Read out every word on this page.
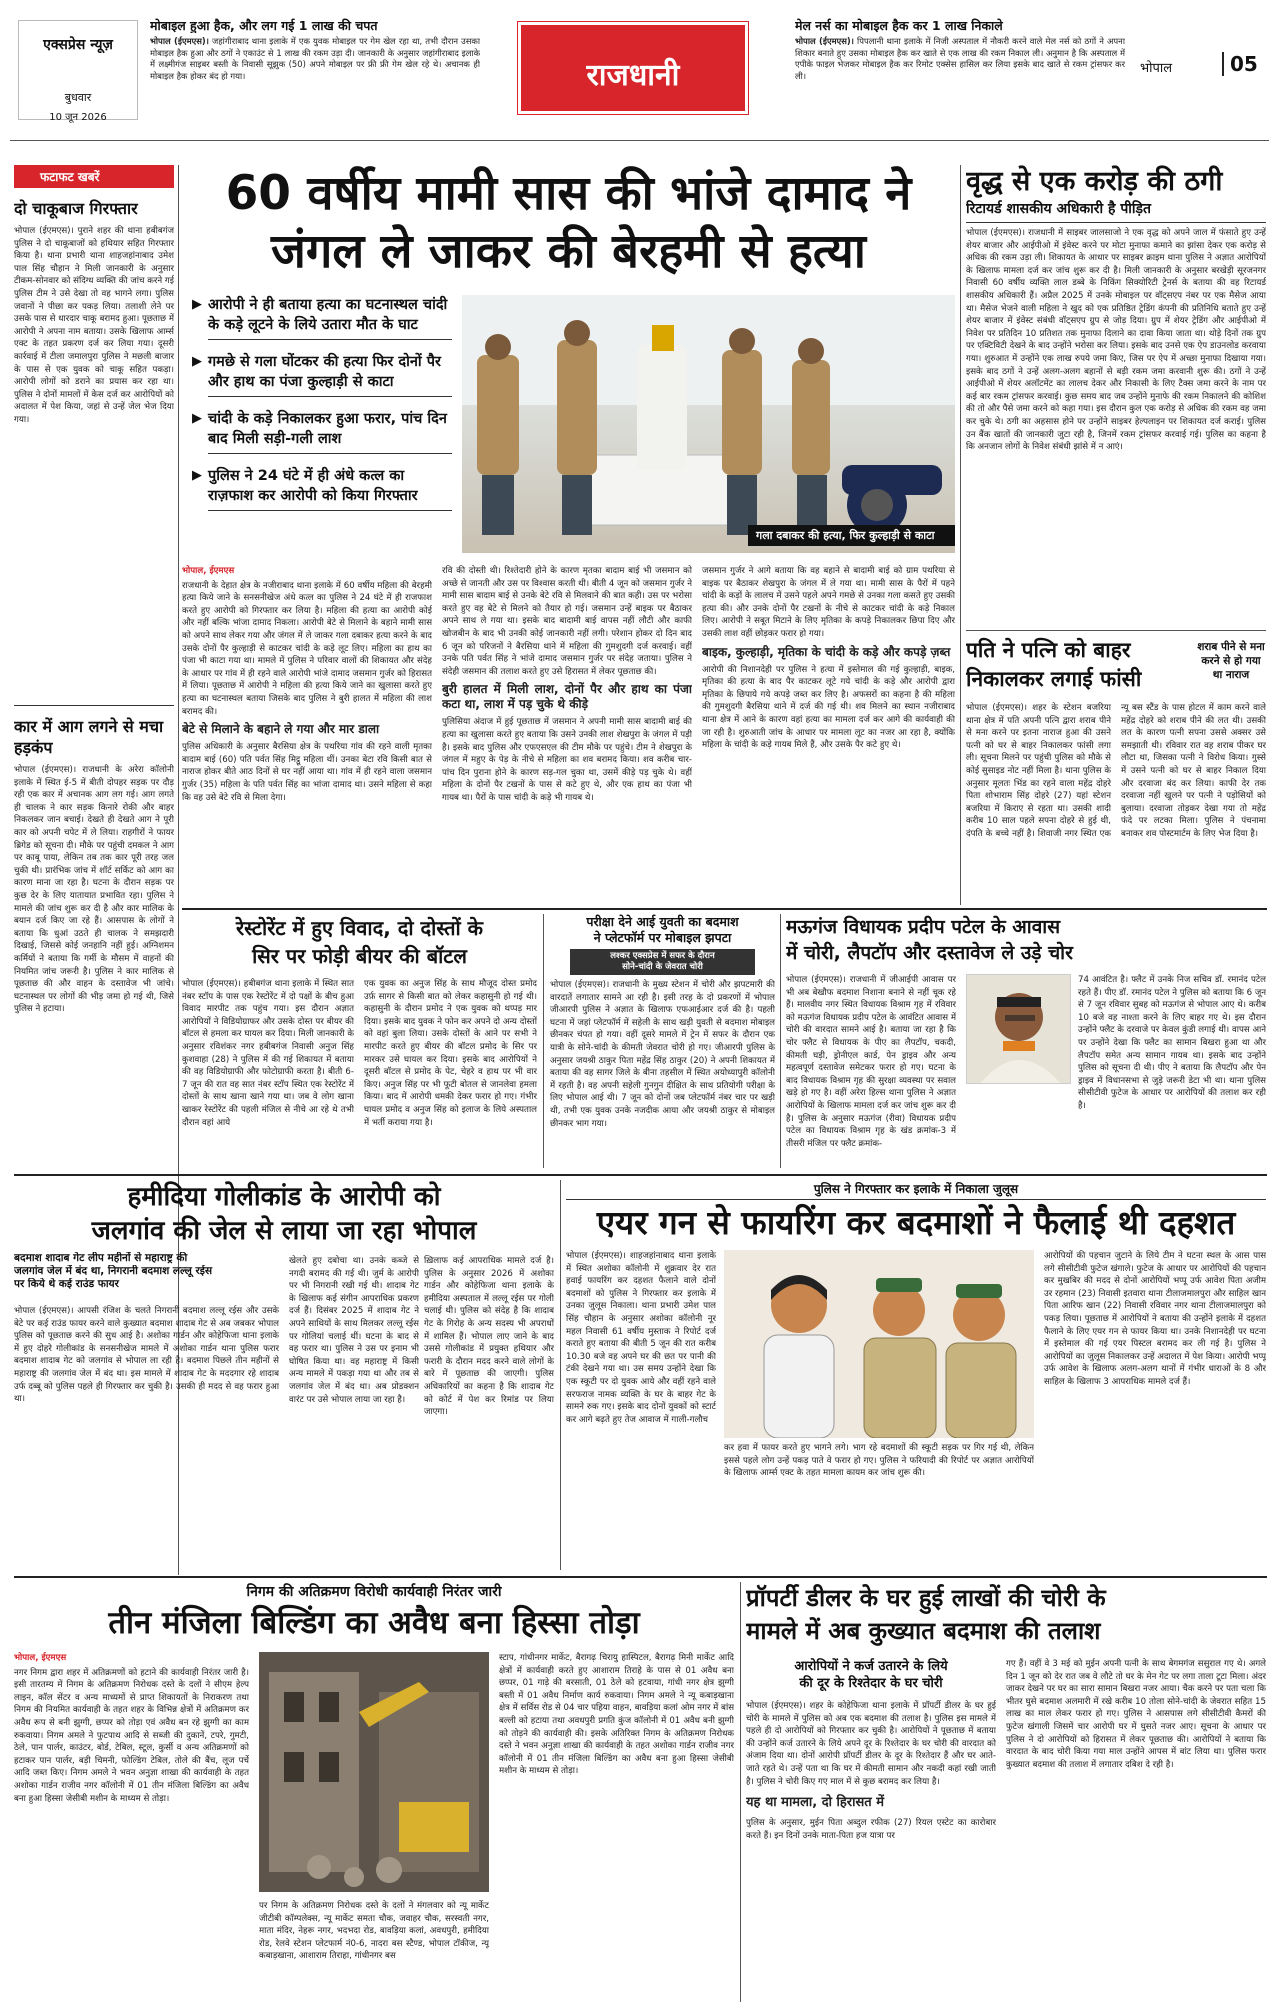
एक्सप्रेस न्यूज़
बुधवार
10 जून 2026
मोबाइल हुआ हैक, और लग गई 1 लाख की चपत
भोपाल (ईएमएस)। जहांगीराबाद थाना इलाके में एक युवक मोबाइल पर गेम खेल रहा था, तभी दौरान उसका मोबाइल हैक हुआ और ठगों ने एकाउंट से 1 लाख की रकम उड़ा दी। जानकारी के अनुसार जहांगीराबाद इलाके में लक्ष्मीगंज साइबर बस्ती के निवासी सूझुक (50) अपने मोबाइल पर फ्री फ्री गेम खेल रहे थे। अचानक ही मोबाइल हैक होकर बंद हो गया।	राजधानी
मेल नर्स का मोबाइल हैक कर 1 लाख निकाले
भोपाल (ईएमएस)। पिपलानी थाना इलाके में निजी अस्पताल में नौकरी करने वाले मेल नर्स को ठगों ने अपना शिकार बनाते हुए उसका मोबाइल हैक कर खाते से एक लाख की रकम निकाल ली। अनुमान है कि अस्पताल में एपीके फाइल भेजकर मोबाइल हैक कर रिमोट एक्सेस हासिल कर लिया इसके बाद खाते से रकम ट्रांसफर कर ली।	भोपाल	05
फटाफट खबरें
दो चाकूबाज गिरफ्तार
भोपाल (ईएमएस)। पुराने शहर की थाना हबीबगंज पुलिस ने दो चाकूबाजों को हथियार सहित गिरफ्तार किया है। थाना प्रभारी थाना शाहजहांनाबाद उमेश पाल सिंह चौहान ने मिली जानकारी के अनुसार टीकम-सोनवार को संदिग्ध व्यक्ति की जांच करने गई पुलिस टीम ने उसे देखा तो वह भागने लगा। पुलिस जवानों ने पीछा कर पकड़ लिया। तलाशी लेने पर उसके पास से धारदार चाकू बरामद हुआ। पूछताछ में आरोपी ने अपना नाम बताया। उसके खिलाफ आर्म्स एक्ट के तहत प्रकरण दर्ज कर लिया गया। दूसरी कार्रवाई में टीला जमालपुरा पुलिस ने मछली बाजार के पास से एक युवक को चाकू सहित पकड़ा। आरोपी लोगों को डराने का प्रयास कर रहा था। पुलिस ने दोनों मामलों में केस दर्ज कर आरोपियों को अदालत में पेश किया, जहां से उन्हें जेल भेज दिया गया।
कार में आग लगने से मचा हड़कंप
भोपाल (ईएमएस)। राजधानी के अरेरा कॉलोनी इलाके में स्थित ई-5 में बीती दोपहर सड़क पर दौड़ रही एक कार में अचानक आग लग गई। आग लगते ही चालक ने कार सड़क किनारे रोकी और बाहर निकलकर जान बचाई। देखते ही देखते आग ने पूरी कार को अपनी चपेट में ले लिया। राहगीरों ने फायर ब्रिगेड को सूचना दी। मौके पर पहुंची दमकल ने आग पर काबू पाया, लेकिन तब तक कार पूरी तरह जल चुकी थी। प्रारंभिक जांच में शॉर्ट सर्किट को आग का कारण माना जा रहा है। घटना के दौरान सड़क पर कुछ देर के लिए यातायात प्रभावित रहा। पुलिस ने मामले की जांच शुरू कर दी है और कार मालिक के बयान दर्ज किए जा रहे हैं। आसपास के लोगों ने बताया कि धुआं उठते ही चालक ने समझदारी दिखाई, जिससे कोई जनहानि नहीं हुई। अग्निशमन कर्मियों ने बताया कि गर्मी के मौसम में वाहनों की नियमित जांच जरूरी है। पुलिस ने कार मालिक से पूछताछ की और वाहन के दस्तावेज भी जांचे। घटनास्थल पर लोगों की भीड़ जमा हो गई थी, जिसे पुलिस ने हटाया।
60 वर्षीय मामी सास की भांजे दामाद ने
जंगल ले जाकर की बेरहमी से हत्या
▶ आरोपी ने ही बताया हत्या का घटनास्थल चांदी के कड़े लूटने के लिये उतारा मौत के घाट
▶ गमछे से गला घोंटकर की हत्या फिर दोनों पैर और हाथ का पंजा कुल्हाड़ी से काटा
▶ चांदी के कड़े निकालकर हुआ फरार, पांच दिन बाद मिली सड़ी-गली लाश
▶ पुलिस ने 24 घंटे में ही अंधे कत्ल का राज़फाश कर आरोपी को किया गिरफ्तार
गला दबाकर की हत्या, फिर कुल्हाड़ी से काटा

भोपाल, ईएमएस

राजधानी के देहात क्षेत्र के नजीराबाद थाना इलाके में 60 वर्षीय महिला की बेरहमी हत्या किये जाने के सनसनीखेज अंधे कत्ल का पुलिस ने 24 घंटे में ही राजफाश करते हुए आरोपी को गिरफ्तार कर लिया है। महिला की हत्या का आरोपी कोई और नहीं बल्कि भांजा दामाद निकला। आरोपी बेटे से मिलाने के बहाने मामी सास को अपने साथ लेकर गया और जंगल में ले जाकर गला दबाकर हत्या करने के बाद उसके दोनों पैर कुल्हाड़ी से काटकर चांदी के कड़े लूट लिए। महिला का हाथ का पंजा भी काटा गया था। मामले में पुलिस ने परिवार वालों की शिकायत और संदेह के आधार पर गांव में ही रहने वाले आरोपी भांजे दामाद जसमान गुर्जर को हिरासत में लिया। पूछताछ में आरोपी ने महिला की हत्या किये जाने का खुलासा करते हुए हत्या का घटनास्थल बताया जिसके बाद पुलिस ने बुरी हालत में महिला की लाश बरामद की।

बेटे से मिलाने के बहाने ले गया और मार डाला

पुलिस अधिकारी के अनुसार बैरसिया क्षेत्र के पथरिया गांव की रहने वाली मृतका बादाम बाई (60) पति पर्वत सिंह मिट्ठू महिला थीं। उनका बेटा रवि किसी बात से नाराज होकर बीते आठ दिनों से घर नहीं आया था। गांव में ही रहने वाला जसमान गुर्जर (35) महिला के पति पर्वत सिंह का भांजा दामाद था। उसने महिला से कहा कि वह उसे बेटे रवि से मिला देगा।

रवि की दोस्ती थी। रिश्तेदारी होने के कारण मृतका बादाम बाई भी जसमान को अच्छे से जानती और उस पर विश्वास करती थी। बीती 4 जून को जसमान गुर्जर ने मामी सास बादाम बाई से उनके बेटे रवि से मिलवाने की बात कही। उस पर भरोसा करते हुए वह बेटे से मिलने को तैयार हो गई। जसमान उन्हें बाइक पर बैठाकर अपने साथ ले गया था। इसके बाद बादामी बाई वापस नहीं लौटी और काफी खोजबीन के बाद भी उनकी कोई जानकारी नहीं लगी। परेशान होकर दो दिन बाद 6 जून को परिजनों ने बैरसिया थाने में महिला की गुमशुदगी दर्ज करवाई। वहीं उनके पति पर्वत सिंह ने भांजे दामाद जसमान गुर्जर पर संदेह जताया। पुलिस ने संदेही जसमान की तलाश करते हुए उसे हिरासत में लेकर पूछताछ की।

बुरी हालत में मिली लाश, दोनों पैर और हाथ का पंजा कटा था, लाश में पड़ चुके थे कीड़े

पुलिसिया अंदाज में हुई पूछताछ में जसमान ने अपनी मामी सास बादामी बाई की हत्या का खुलासा करते हुए बताया कि उसने उनकी लाश शेखपुरा के जंगल में पड़ी है। इसके बाद पुलिस और एफएसएल की टीम मौके पर पहुंचे। टीम ने शेखपुरा के जंगल में महुए के पेड़ के नीचे से महिला का शव बरामद किया। शव करीब चार-पांच दिन पुराना होने के कारण सड़-गल चुका था, उसमें कीड़े पड़ चुके थे। वहीं महिला के दोनों पैर टखनों के पास से कटे हुए थे, और एक हाथ का पंजा भी गायब था। पैरों के पास चांदी के कड़े भी गायब थे।

जसमान गुर्जर ने आगे बताया कि वह बहाने से बादामी बाई को ग्राम पथरिया से बाइक पर बैठाकर शेखपुरा के जंगल में ले गया था। मामी सास के पैरों में पहने चांदी के कड़ों के लालच में उसने पहले अपने गमछे से उनका गला कसते हुए उसकी हत्या की। और उनके दोनों पैर टखनों के नीचे से काटकर चांदी के कड़े निकाल लिए। आरोपी ने सबूत मिटाने के लिए मृतिका के कपड़े निकालकर छिपा दिए और उसकी लाश वहीं छोड़कर फरार हो गया।

बाइक, कुल्हाड़ी, मृतिका के चांदी के कड़े और कपड़े ज़ब्त

आरोपी की निशानदेही पर पुलिस ने हत्या में इस्तेमाल की गई कुल्हाड़ी, बाइक, मृतिका की हत्या के बाद पैर काटकर लूटे गये चांदी के कड़े और आरोपी द्वारा मृतिका के छिपाये गये कपड़े जब्त कर लिए है। अफसरों का कहना है की महिला की गुमशुदगी बैरसिया थाने में दर्ज की गई थी। शव मिलने का स्थान नजीराबाद थाना क्षेत्र में आने के कारण वहां हत्या का मामला दर्ज कर आगे की कार्यवाही की जा रही है। शुरुआती जांच के आधार पर मामला लूट का नजर आ रहा है, क्योंकि महिला के चांदी के कड़े गायब मिले हैं, और उसके पैर कटे हुए थे।

वृद्ध से एक करोड़ की ठगी
रिटायर्ड शासकीय अधिकारी है पीड़ित
भोपाल (ईएमएस)। राजधानी में साइबर जालसाजो ने एक वृद्ध को अपने जाल में फंसाते हुए उन्हें शेयर बाजार और आईपीओ में इंवेस्ट करने पर मोटा मुनाफा कमाने का झांसा देकर एक करोड़ से अधिक की रकम उड़ा ली। शिकायत के आधार पर साइबर क्राइम थाना पुलिस ने अज्ञात आरोपियों के खिलाफ मामला दर्ज कर जांच शुरू कर दी है। मिली जानकारी के अनुसार बरखेड़ी सूरजनगर निवासी 60 वर्षीय व्यक्ति लाल डब्बे के निकिंग सिक्योरिटी ट्रेनर्स के बताया की वह रिटायर्ड शासकीय अधिकारी हैं। अप्रैल 2025 में उनके मोबाइल पर वॉट्सएप नंबर पर एक मैसेज आया था। मैसेज भेजने वाली महिला ने खुद को एक प्रतिष्ठित ट्रेडिंग कंपनी की प्रतिनिधि बताते हुए उन्हें शेयर बाजार में इंवेस्ट संबंधी वॉट्सएप ग्रुप से जोड़ दिया। ग्रुप में शेयर ट्रेडिंग और आईपीओ में निवेश पर प्रतिदिन 10 प्रतिशत तक मुनाफा दिलाने का दावा किया जाता था। थोड़े दिनों तक ग्रुप पर एक्टिविटी देखने के बाद उन्होंने भरोसा कर लिया। इसके बाद उनसे एक ऐप डाउनलोड करवाया गया। शुरुआत में उन्होंने एक लाख रुपये जमा किए, जिस पर ऐप में अच्छा मुनाफा दिखाया गया। इसके बाद ठगों ने उन्हें अलग-अलग बहानों से बड़ी रकम जमा करवानी शुरू की। ठगों ने उन्हें आईपीओ में शेयर अलॉटमेंट का लालच देकर और निकासी के लिए टैक्स जमा करने के नाम पर कई बार रकम ट्रांसफर करवाई। कुछ समय बाद जब उन्होंने मुनाफे की रकम निकालने की कोशिश की तो और पैसे जमा करने को कहा गया। इस दौरान कुल एक करोड़ से अधिक की रकम वह जमा कर चुके थे। ठगी का अहसास होने पर उन्होंने साइबर हेल्पलाइन पर शिकायत दर्ज कराई। पुलिस उन बैंक खातों की जानकारी जुटा रही है, जिनमें रकम ट्रांसफर करवाई गई। पुलिस का कहना है कि अनजान लोगों के निवेश संबंधी झांसे में न आएं।
पति ने पत्नि को बाहर
निकालकर लगाई फांसी
शराब पीने से मना करने से हो गया था नाराज
भोपाल (ईएमएस)। शहर के स्टेशन बजरिया थाना क्षेत्र में पति अपनी पत्नि द्वारा शराब पीने से मना करने पर इतना नाराज हुआ की उसने पत्नी को घर से बाहर निकालकर फांसी लगा ली। सूचना मिलने पर पहुंची पुलिस को मौके से कोई सुसाइड नोट नहीं मिला है। थाना पुलिस के अनुसार मूलतः भिंड का रहने वाला महेंद्र दोहरे पिता शोभाराम सिंह दोहरे (27) यहां स्टेशन बजरिया में किराए से रहता था। उसकी शादी करीब 10 साल पहले सपना दोहरे से हुई थी, दंपति के बच्चे नहीं है। शिवाजी नगर स्थित एक न्यू बस स्टैंड के पास होटल में काम करने वाले महेंद्र दोहरे को शराब पीने की लत थी। उसकी लत के कारण पत्नी सपना उससे अक्सर उसे समझाती थी। रविवार रात वह शराब पीकर घर लौटा था, जिसका पत्नी ने विरोध किया। गुस्से में उसने पत्नी को घर से बाहर निकाल दिया और दरवाजा बंद कर लिया। काफी देर तक दरवाजा नहीं खुलने पर पत्नी ने पड़ोसियों को बुलाया। दरवाजा तोड़कर देखा गया तो महेंद्र फंदे पर लटका मिला। पुलिस ने पंचनामा बनाकर शव पोस्टमार्टम के लिए भेज दिया है।
रेस्टोरेंट में हुए विवाद, दो दोस्तों के
सिर पर फोड़ी बीयर की बॉटल
भोपाल (ईएमएस)। हबीबगंज थाना इलाके में स्थित सात नंबर स्टॉप के पास एक रेस्टोरेंट में दो पक्षों के बीच हुआ विवाद मारपीट तक पहुंच गया। इस दौरान अज्ञात आरोपियों ने विडियोग्राफर और उसके दोस्त पर बीयर की बॉटल से हमला कर घायल कर दिया। मिली जानकारी के अनुसार रविशंकर नगर हबीबगंज निवासी अनुज सिंह कुशवाहा (28) ने पुलिस में की गई शिकायत में बताया की वह विडियोग्राफी और फोटोग्राफी करता है। बीती 6-7 जून की रात वह सात नंबर स्टॉप स्थित एक रेस्टोरेंट में दोस्तों के साथ खाना खाने गया था। जब वे लोग खाना खाकर रेस्टोरेंट की पहली मंजिल से नीचे आ रहे थे तभी दौरान वहां आये
एक युवक का अनुज सिंह के साथ मौजूद दोस्त प्रमोद उर्फ़ सागर से किसी बात को लेकर कहासुनी हो गई थी। कहासुनी के दौरान प्रमोद ने एक युवक को थप्पड़ मार दिया। इसके बाद युवक ने फोन कर अपने दो अन्य दोस्तों को वहां बुला लिया। उसके दोस्तों के आने पर सभी ने मारपीट करते हुए बीयर की बॉटल प्रमोद के सिर पर मारकर उसे घायल कर दिया। इसके बाद आरोपियों ने दूसरी बॉटल से प्रमोद के पेट, चेहरे व हाथ पर भी वार किए। अनुज सिंह पर भी फूटी बोतल से जानलेवा हमला किया। बाद में आरोपी धमकी देकर फरार हो गए। गंभीर घायल प्रमोद व अनुज सिंह को इलाज के लिये अस्पताल में भर्ती कराया गया है।
परीक्षा देने आई युवती का बदमाश
ने प्लेटफॉर्म पर मोबाइल झपटा
लश्कर एक्सप्रेस में सफर के दौरान
सोने-चांदी के जेवरात चोरी
भोपाल (ईएमएस)। राजधानी के मुख्य स्टेशन में चोरी और झपटमारी की वारदातें लगातार सामने आ रही है। इसी तरह के दो प्रकरणों में भोपाल जीआरपी पुलिस ने अज्ञात के खिलाफ एफआईआर दर्ज की है। पहली घटना में जहां प्लेटफॉर्म में सहेली के साथ खड़ी युवती से बदमाश मोबाइल छीनकर चंपत हो गया। वहीं दूसरे मामले में ट्रेन में सफर के दौरान एक यात्री के सोने-चांदी के कीमती जेवरात चोरी हो गए। जीआरपी पुलिस के अनुसार जयश्री ठाकुर पिता महेंद्र सिंह ठाकुर (20) ने अपनी शिकायत में बताया की वह सागर जिले के बीना तहसील में स्थित अयोध्यापुरी कॉलोनी में रहती है। वह अपनी सहेली गुनगुन दीक्षित के साथ प्रतियोगी परीक्षा के लिए भोपाल आई थी। 7 जून को दोनों जब प्लेटफॉर्म नंबर चार पर खड़ी थी, तभी एक युवक उनके नजदीक आया और जयश्री ठाकुर से मोबाइल छीनकर भाग गया।
मऊगंज विधायक प्रदीप पटेल के आवास
में चोरी, लैपटॉप और दस्तावेज ले उड़े चोर
भोपाल (ईएमएस)। राजधानी में जीआईपी आवास पर भी अब बेखौफ बदमाश निशाना बनाने से नहीं चूक रहे हैं। मालवीय नगर स्थित विधायक विश्राम गृह में रविवार को मऊगंज विधायक प्रदीप पटेल के आवंटित आवास में चोरी की वारदात सामने आई है। बताया जा रहा है कि चोर फ्लैट से विधायक के पीए का लैपटॉप, चकदी, कीमती घड़ी, ड्रोनीएल कार्ड, पेन ड्राइव और अन्य महत्वपूर्ण दस्तावेज समेटकर फरार हो गए। घटना के बाद विधायक विश्राम गृह की सुरक्षा व्यवस्था पर सवाल खड़े हो गए है। वहीं अरेरा हिल्स थाना पुलिस ने अज्ञात आरोपियों के खिलाफ मामला दर्ज कर जांच शुरू कर दी है। पुलिस के अनुसार मऊगंज (रीवा) विधायक प्रदीप पटेल का विधायक विश्राम गृह के खंड क्रमांक-3 में तीसरी मंजिल पर फ्लैट क्रमांक-
74 आवंटित है। फ्लैट में उनके निज सचिव डॉ. रमानंद पटेल रहते हैं। पीए डॉ. रमानंद पटेल ने पुलिस को बताया कि 6 जून से 7 जून रविवार सुबह को मऊगंज से भोपाल आए थे। करीब 10 बजे वह नाश्ता करने के लिए बाहर गए थे। इस दौरान उन्होंने फ्लैट के दरवाजे पर केवल कुंडी लगाई थी। वापस आने पर उन्होंने देखा कि फ्लैट का सामान बिखरा हुआ था और लैपटॉप समेत अन्य सामान गायब था। इसके बाद उन्होंने पुलिस को सूचना दी थी। पीए ने बताया कि लैपटॉप और पेन ड्राइव में विधानसभा से जुड़े जरूरी डेटा भी था। थाना पुलिस सीसीटीवी फुटेज के आधार पर आरोपियों की तलाश कर रही है।
हमीदिया गोलीकांड के आरोपी को
जलगांव की जेल से लाया जा रहा भोपाल
बदमाश शादाब गेट लीप महीनों से महाराष्ट्र की
जलगांव जेल में बंद था, निगरानी बदमाश लल्लू रईस
पर किये थे कई राउंड फायर
भोपाल (ईएमएस)। आपसी रंजिश के चलते निगरानी बदमाश लल्लू रईस और उसके बेटे पर कई राउंड फायर करने वाले कुख्यात बदमाश शादाब गेट से अब जबकर भोपाल पुलिस को पूछताछ करने की सुध आई है। अशोका गार्डन और कोहेफिजा थाना इलाके में हुए दोहरे गोलीकांड के सनसनीखेज मामले में अशोका गार्डन थाना पुलिस फरार बदमाश शादाब गेट को जलगांव से भोपाल ला रही है। बदमाश पिछले तीन महीनों से महाराष्ट्र की जलगांव जेल में बंद था। इस मामले में शादाब गेट के मददगार रहे शादाब उर्फ दब्बू को पुलिस पहले ही गिरफ्तार कर चुकी है। उसकी ही मदद से वह फरार हुआ था।
खेलते हुए दबोचा था। उनके कब्जे से नगदी बरामद की गई थी। जुर्म के आरोपी पर भी निगरानी रखी गई थी। शादाब गेट के खिलाफ कई संगीन आपराधिक प्रकरण दर्ज हैं। दिसंबर 2025 में शादाब गेट ने अपने साथियों के साथ मिलकर लल्लू रईस पर गोलियां चलाई थीं। घटना के बाद से वह फरार था। पुलिस ने उस पर इनाम भी घोषित किया था। वह महाराष्ट्र में किसी अन्य मामले में पकड़ा गया था और तब से जलगांव जेल में बंद था। अब प्रोडक्शन वारंट पर उसे भोपाल लाया जा रहा है।
ख़िलाफ कई आपराधिक मामले दर्ज है। पुलिस के अनुसार 2026 में अशोका गार्डन और कोहेफिजा थाना इलाके के हमीदिया अस्पताल में लल्लू रईस पर गोली चलाई थी। पुलिस को संदेह है कि शादाब गेट के गिरोह के अन्य सदस्य भी अपराधों में शामिल हैं। भोपाल लाए जाने के बाद उससे गोलीकांड में प्रयुक्त हथियार और फरारी के दौरान मदद करने वाले लोगों के बारे में पूछताछ की जाएगी। पुलिस अधिकारियों का कहना है कि शादाब गेट को कोर्ट में पेश कर रिमांड पर लिया जाएगा।
पुलिस ने गिरफ्तार कर इलाके में निकाला जुलूस
एयर गन से फायरिंग कर बदमाशों ने फैलाई थी दहशत
भोपाल (ईएमएस)। शाहजहांनाबाद थाना इलाके में स्थित अशोका कॉलोनी में शुक्रवार देर रात हवाई फायरिंग कर दहशत फैलाने वाले दोनों बदमाशों को पुलिस ने गिरफ्तार कर इलाके में उनका जुलूस निकाला। थाना प्रभारी उमेश पाल सिंह चौहान के अनुसार अशोका कॉलोनी नूर महल निवासी 61 वर्षीय मुस्ताक ने रिपोर्ट दर्ज कराते हुए बताया की बीती 5 जून की रात करीब 10.30 बजे वह अपने घर की छत पर पानी की टंकी देखने गया था। उस समय उन्होंने देखा कि एक स्कूटी पर दो युवक आये और वहीं रहने वाले सरफराज नामक व्यक्ति के घर के बाहर गेट के सामने रुक गए। इसके बाद दोनों युवकों को स्टार्ट कर आगे बढ़ते हुए तेज आवाज में गाली-गलौच
कर हवा में फायर करते हुए भागने लगे। भाग रहे बदमाशों की स्कूटी सड़क पर गिर गई थी, लेकिन इससे पहले लोग उन्हें पकड़ पाते वे फरार हो गए। पुलिस ने फरियादी की रिपोर्ट पर अज्ञात आरोपियों के खिलाफ आर्म्स एक्ट के तहत मामला कायम कर जांच शुरू की।
आरोपियों की पहचान जुटाने के लिये टीम ने घटना स्थल के आस पास लगे सीसीटीवी फुटेज खंगाले। फुटेज के आधार पर आरोपियों की पहचान कर मुखबिर की मदद से दोनों आरोपियों भप्पू उर्फ आवेश पिता अजीम उर रहमान (23) निवासी इतवारा थाना टीलाजमालपुरा और साहिल खान पिता आरिफ खान (22) निवासी रविवार नगर थाना टीलाजमालपुरा को पकड़ लिया। पूछताछ में आरोपियों ने बताया की उन्होंने इलाके में दहशत फैलाने के लिए एयर गन से फायर किया था। उनके निशानदेही पर घटना में इस्तेमाल की गई एयर पिस्टल बरामद कर ली गई है। पुलिस ने आरोपियों का जुलूस निकालकर उन्हें अदालत में पेश किया। आरोपी भप्पू उर्फ आवेश के खिलाफ अलग-अलग थानों में गंभीर धाराओं के 8 और साहिल के खिलाफ 3 आपराधिक मामले दर्ज हैं।
निगम की अतिक्रमण विरोधी कार्यवाही निरंतर जारी
तीन मंजिला बिल्डिंग का अवैध बना हिस्सा तोड़ा

भोपाल, ईएमएस

नगर निगम द्वारा शहर में अतिक्रमणों को हटाने की कार्यवाही निरंतर जारी है। इसी तारतम्य में निगम के अतिक्रमण निरोधक दस्ते के दलों ने सीएम हेल्प लाइन, कॉल सेंटर व अन्य माध्यमों से प्राप्त शिकायतों के निराकरण तथा निगम की नियमित कार्यवाही के तहत शहर के विभिन्न क्षेत्रों में अतिक्रमण कर अवैध रूप से बनी झुग्गी, छप्पर को तोड़ा एवं अवैध बन रहे झुग्गी का काम रुकवाया। निगम अमले ने फुटपाथ आदि से सब्जी की दुकानें, टपरे, गुमटी, ठेले, पान पार्लर, काउंटर, बोर्ड, टेबिल, स्टूल, कुर्सी व अन्य अतिक्रमणों को हटाकर पान पार्लर, बड़ी चिमनी, फोल्डिंग टेबिल, तोले की बैंच, लूज पर्चे आदि जब्त किए। निगम अमले ने भवन अनुज्ञा शाखा की कार्यवाही के तहत अशोका गार्डन राजीव नगर कॉलोनी में 01 तीन मंजिला बिल्डिंग का अवैध बना हुआ हिस्सा जेसीबी मशीन के माध्यम से तोड़ा।

पर निगम के अतिक्रमण निरोधक दस्ते के दलों ने मंगलवार को न्यू मार्केट जीटीबी कॉम्पलेक्स, न्यू मार्केट समता चौक, जवाहर चौक, सरस्वती नगर, माता मंदिर, नेहरू नगर, भदभदा रोड, बावड़िया कलां, अवधपुरी, हमीदिया रोड, रेलवे स्टेशन प्लेटफार्म नं0-6, नादरा बस स्टैण्ड, भोपाल टॉकीज, न्यू कबाड़खाना, आशाराम तिराहा, गांधीनगर बस
स्टाप, गांधीनगर मार्केट, बैरागढ़ चिरायु हास्पिटल, बैरागढ़ मिनी मार्केट आदि क्षेत्रों में कार्यवाही करते हुए आशाराम तिराहे के पास से 01 अवैध बना छप्पर, 01 गाड़े की बरसाती, 01 ठेले को हटवाया, गांधी नगर क्षेत्र झुग्गी बस्ती में 01 अवैध निर्माण कार्य रुकवाया। निगम अमले ने न्यू कबाड़खाना क्षेत्र में सर्विस रोड से 04 चार पहिया वाहन, बावड़िया कलां ओम नगर में बांस बल्ली को हटाया तथा अवधपुरी प्रगति कुंज कॉलोनी में 01 अवैध बनी झुग्गी को तोड़ने की कार्यवाही की। इसके अतिरिक्त निगम के अतिक्रमण निरोधक दस्ते ने भवन अनुज्ञा शाखा की कार्यवाही के तहत अशोका गार्डन राजीव नगर कॉलोनी में 01 तीन मंजिला बिल्डिंग का अवैध बना हुआ हिस्सा जेसीबी मशीन के माध्यम से तोड़ा।
प्रॉपर्टी डीलर के घर हुई लाखों की चोरी के
मामले में अब कुख्यात बदमाश की तलाश
आरोपियों ने कर्ज उतारने के लिये
की दूर के रिश्तेदार के घर चोरी

भोपाल (ईएमएस)। शहर के कोहेफिजा थाना इलाके में प्रॉपर्टी डीलर के घर हुई चोरी के मामले में पुलिस को अब एक बदमाश की तलाश है। पुलिस इस मामले में पहले ही दो आरोपियों को गिरफ्तार कर चुकी है। आरोपियों ने पूछताछ में बताया की उन्होंने कर्ज उतारने के लिये अपने दूर के रिश्तेदार के घर चोरी की वारदात को अंजाम दिया था। दोनों आरोपी प्रॉपर्टी डीलर के दूर के रिश्तेदार हैं और घर आते-जाते रहते थे। उन्हें पता था कि घर में कीमती सामान और नकदी कहां रखी जाती है। पुलिस ने चोरी किए गए माल में से कुछ बरामद कर लिया है।

यह था मामला, दो हिरासत में

पुलिस के अनुसार, मुईन पिता अब्दुल रफीक (27) रियल एस्टेट का कारोबार करते हैं। इन दिनों उनके माता-पिता हज यात्रा पर

गए हैं। वहीं वे 3 मई को मुईन अपनी पत्नी के साथ बेगमगंज ससुराल गए थे। अगले दिन 1 जून को देर रात जब वे लौटे तो घर के मेन गेट पर लगा ताला टूटा मिला। अंदर जाकर देखने पर घर का सारा सामान बिखरा नजर आया। चैक करने पर पता चला कि भीतर घुसे बदमाश अलमारी में रखे करीब 10 तोला सोने-चांदी के जेवरात सहित 15 लाख का माल लेकर फरार हो गए। पुलिस ने आसपास लगे सीसीटीवी कैमरों की फुटेज खंगाली जिसमें चार आरोपी घर में घुसते नजर आए। सूचना के आधार पर पुलिस ने दो आरोपियों को हिरासत में लेकर पूछताछ की। आरोपियों ने बताया कि वारदात के बाद चोरी किया गया माल उन्होंने आपस में बांट लिया था। पुलिस फरार कुख्यात बदमाश की तलाश में लगातार दबिश दे रही है।
